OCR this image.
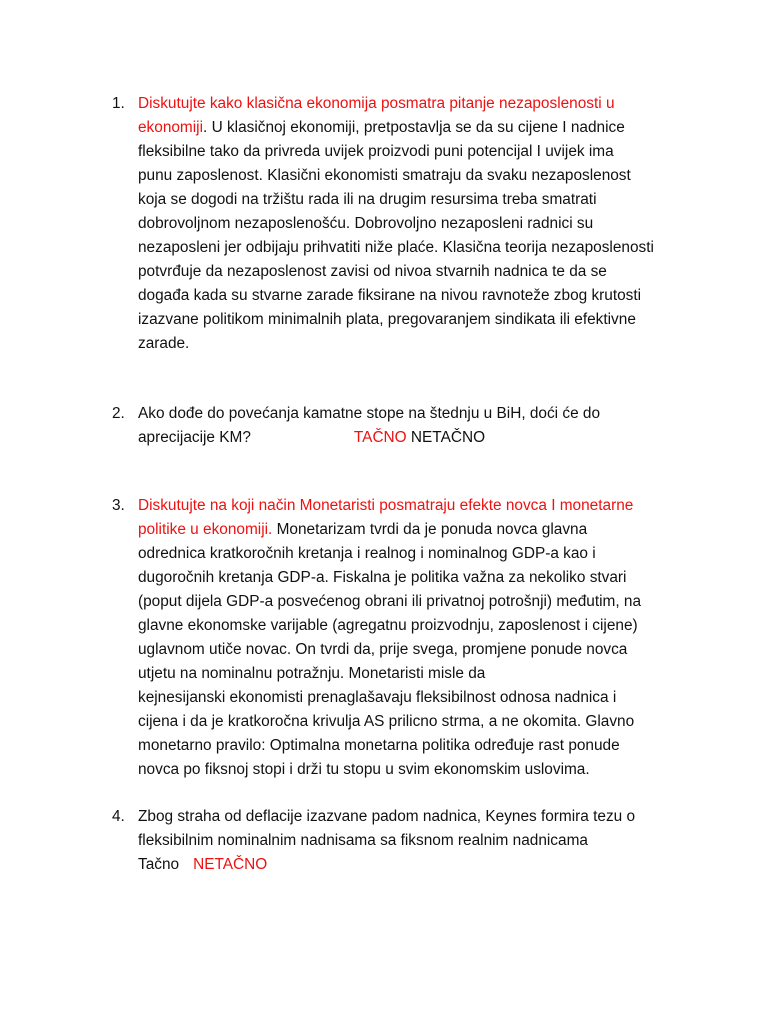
1. Diskutujte kako klasična ekonomija posmatra pitanje nezaposlenosti u
ekonomiji. U klasičnoj ekonomiji, pretpostavlja se da su cijene I nadnice
fleksibilne tako da privreda uvijek proizvodi puni potencijal I uvijek ima
punu zaposlenost. Klasični ekonomisti smatraju da svaku nezaposlenost
koja se dogodi na tržištu rada ili na drugim resursima treba smatrati
dobrovoljnom nezaposlenošću. Dobrovoljno nezaposleni radnici su
nezaposleni jer odbijaju prihvatiti niže plaće. Klasična teorija nezaposlenosti
potvrđuje da nezaposlenost zavisi od nivoa stvarnih nadnica te da se
događa kada su stvarne zarade fiksirane na nivou ravnoteže zbog krutosti
izazvane politikom minimalnih plata, pregovaranjem sindikata ili efektivne
zarade.
2. Ako dođe do povećanja kamatne stope na štednju u BiH, doći će do
aprecijacije KM?	TAČNO NETAČNO
3. Diskutujte na koji način Monetaristi posmatraju efekte novca I monetarne
politike u ekonomiji. Monetarizam tvrdi da je ponuda novca glavna
odrednica kratkoročnih kretanja i realnog i nominalnog GDP-a kao i
dugoročnih kretanja GDP-a. Fiskalna je politika važna za nekoliko stvari
(poput dijela GDP-a posvećenog obrani ili privatnoj potrošnji) međutim, na
glavne ekonomske varijable (agregatnu proizvodnju, zaposlenost i cijene)
uglavnom utiče novac. On tvrdi da, prije svega, promjene ponude novca
utjetu na nominalnu potražnju. Monetaristi misle da
kejnesijanski ekonomisti prenaglašavaju fleksibilnost odnosa nadnica i
cijena i da je kratkoročna krivulja AS prilicno strma, a ne okomita. Glavno
monetarno pravilo: Optimalna monetarna politika određuje rast ponude
novca po fiksnoj stopi i drži tu stopu u svim ekonomskim uslovima.
4. Zbog straha od deflacije izazvane padom nadnica, Keynes formira tezu o
fleksibilnim nominalnim nadnisama sa fiksnom realnim nadnicama
Tačno NETAČNO
